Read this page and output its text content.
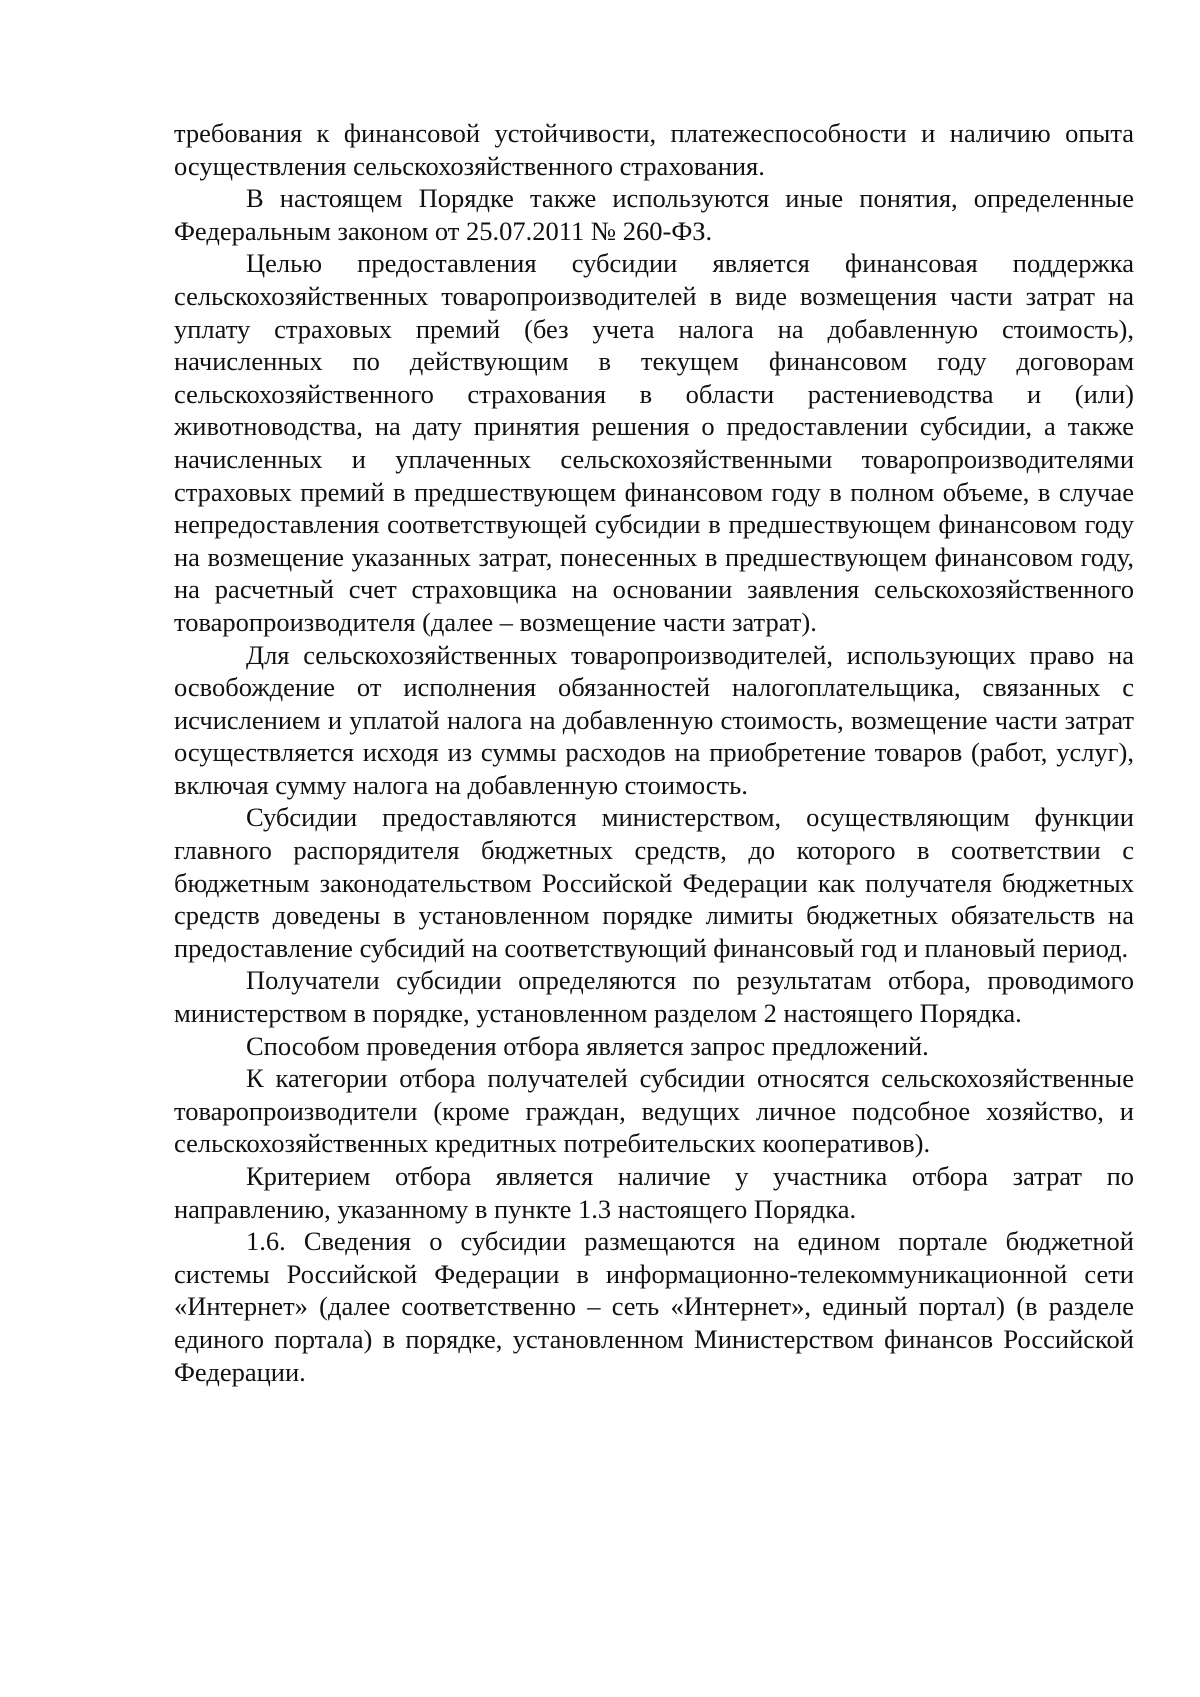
требования к финансовой устойчивости, платежеспособности и наличию опыта осуществления сельскохозяйственного страхования.

В настоящем Порядке также используются иные понятия, определенные Федеральным законом от 25.07.2011 № 260-ФЗ.

Целью предоставления субсидии является финансовая поддержка сельскохозяйственных товаропроизводителей в виде возмещения части затрат на уплату страховых премий (без учета налога на добавленную стоимость), начисленных по действующим в текущем финансовом году договорам сельскохозяйственного страхования в области растениеводства и (или) животноводства, на дату принятия решения о предоставлении субсидии, а также начисленных и уплаченных сельскохозяйственными товаропроизводителями страховых премий в предшествующем финансовом году в полном объеме, в случае непредоставления соответствующей субсидии в предшествующем финансовом году на возмещение указанных затрат, понесенных в предшествующем финансовом году, на расчетный счет страховщика на основании заявления сельскохозяйственного товаропроизводителя (далее – возмещение части затрат).

Для сельскохозяйственных товаропроизводителей, использующих право на освобождение от исполнения обязанностей налогоплательщика, связанных с исчислением и уплатой налога на добавленную стоимость, возмещение части затрат осуществляется исходя из суммы расходов на приобретение товаров (работ, услуг), включая сумму налога на добавленную стоимость.

Субсидии предоставляются министерством, осуществляющим функции главного распорядителя бюджетных средств, до которого в соответствии с бюджетным законодательством Российской Федерации как получателя бюджетных средств доведены в установленном порядке лимиты бюджетных обязательств на предоставление субсидий на соответствующий финансовый год и плановый период.

Получатели субсидии определяются по результатам отбора, проводимого министерством в порядке, установленном разделом 2 настоящего Порядка.

Способом проведения отбора является запрос предложений.

К категории отбора получателей субсидии относятся сельскохозяйственные товаропроизводители (кроме граждан, ведущих личное подсобное хозяйство, и сельскохозяйственных кредитных потребительских кооперативов).

Критерием отбора является наличие у участника отбора затрат по направлению, указанному в пункте 1.3 настоящего Порядка.

1.6. Сведения о субсидии размещаются на едином портале бюджетной системы Российской Федерации в информационно-телекоммуникационной сети «Интернет» (далее соответственно – сеть «Интернет», единый портал) (в разделе единого портала) в порядке, установленном Министерством финансов Российской Федерации.
